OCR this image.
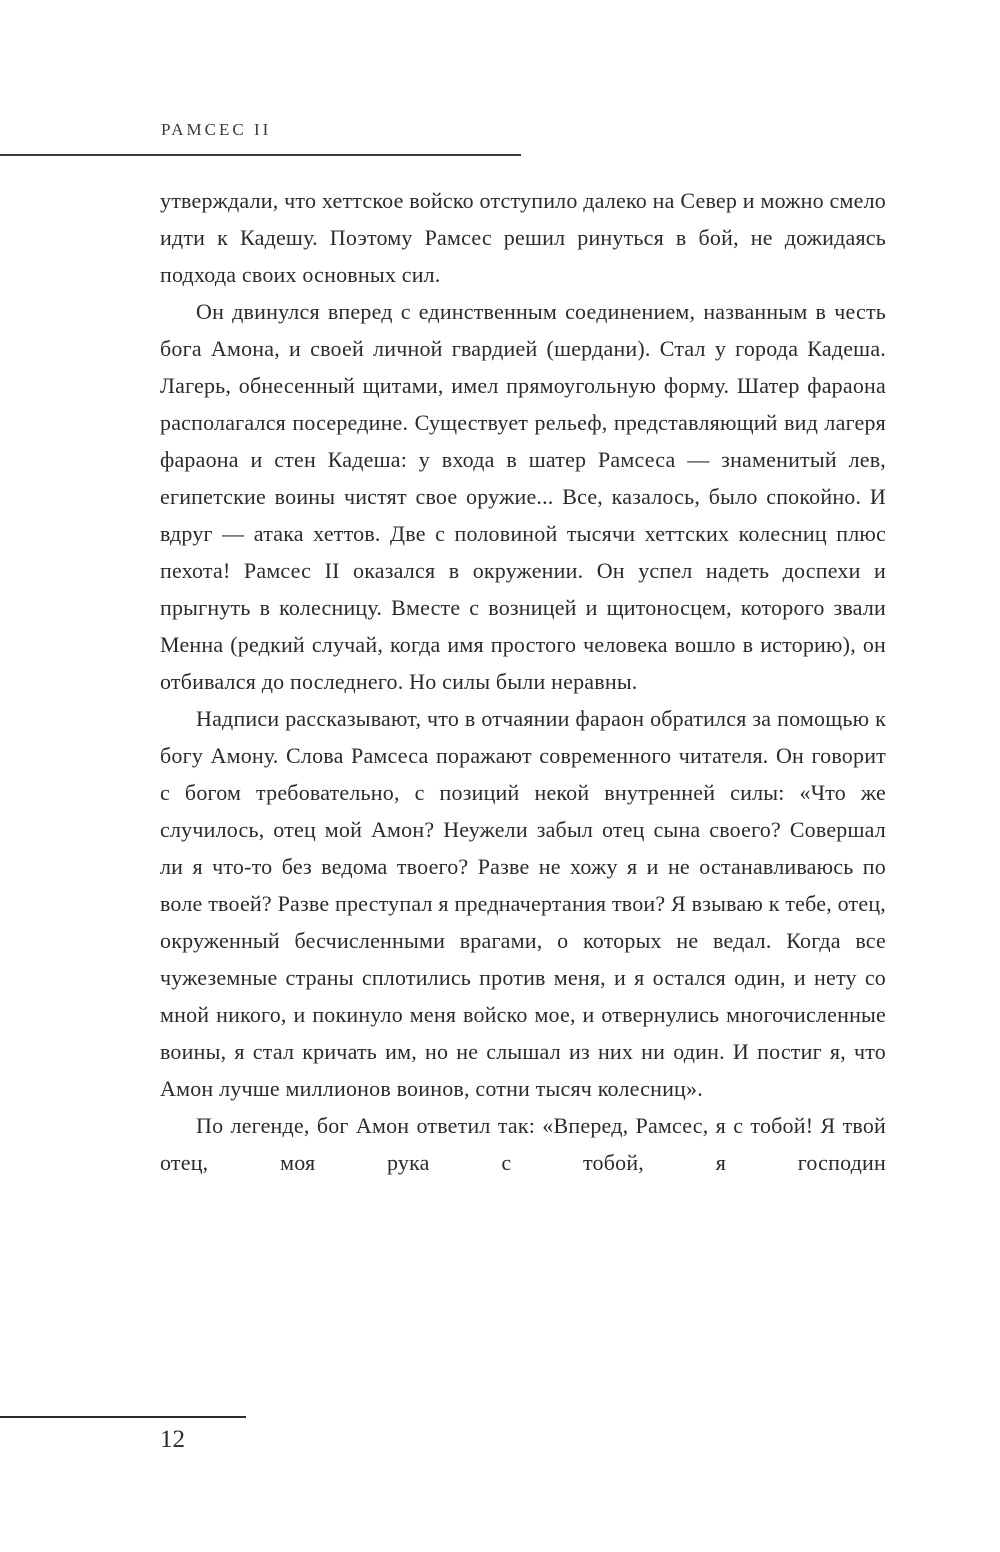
РАМСЕС II

утверждали, что хеттское войско отступило далеко на Север и можно смело идти к Кадешу. Поэтому Рамсес решил ринуться в бой, не дожидаясь подхода своих основных сил.

Он двинулся вперед с единственным соединением, названным в честь бога Амона, и своей личной гвардией (шердани). Стал у города Кадеша. Лагерь, обнесенный щитами, имел прямоугольную форму. Шатер фараона располагался посередине. Существует рельеф, представляющий вид лагеря фараона и стен Кадеша: у входа в шатер Рамсеса — знаменитый лев, египетские воины чистят свое оружие... Все, казалось, было спокойно. И вдруг — атака хеттов. Две с половиной тысячи хеттских колесниц плюс пехота! Рамсес II оказался в окружении. Он успел надеть доспехи и прыгнуть в колесницу. Вместе с возницей и щитоносцем, которого звали Менна (редкий случай, когда имя простого человека вошло в историю), он отбивался до последнего. Но силы были неравны.

Надписи рассказывают, что в отчаянии фараон обратился за помощью к богу Амону. Слова Рамсеса поражают современного читателя. Он говорит с богом требовательно, с позиций некой внутренней силы: «Что же случилось, отец мой Амон? Неужели забыл отец сына своего? Совершал ли я что-то без ведома твоего? Разве не хожу я и не останавливаюсь по воле твоей? Разве преступал я предначертания твои? Я взываю к тебе, отец, окруженный бесчисленными врагами, о которых не ведал. Когда все чужеземные страны сплотились против меня, и я остался один, и нету со мной никого, и покинуло меня войско мое, и отвернулись многочисленные воины, я стал кричать им, но не слышал из них ни один. И постиг я, что Амон лучше миллионов воинов, сотни тысяч колесниц».

По легенде, бог Амон ответил так: «Вперед, Рамсес, я с тобой! Я твой отец, моя рука с тобой, я господин

12
